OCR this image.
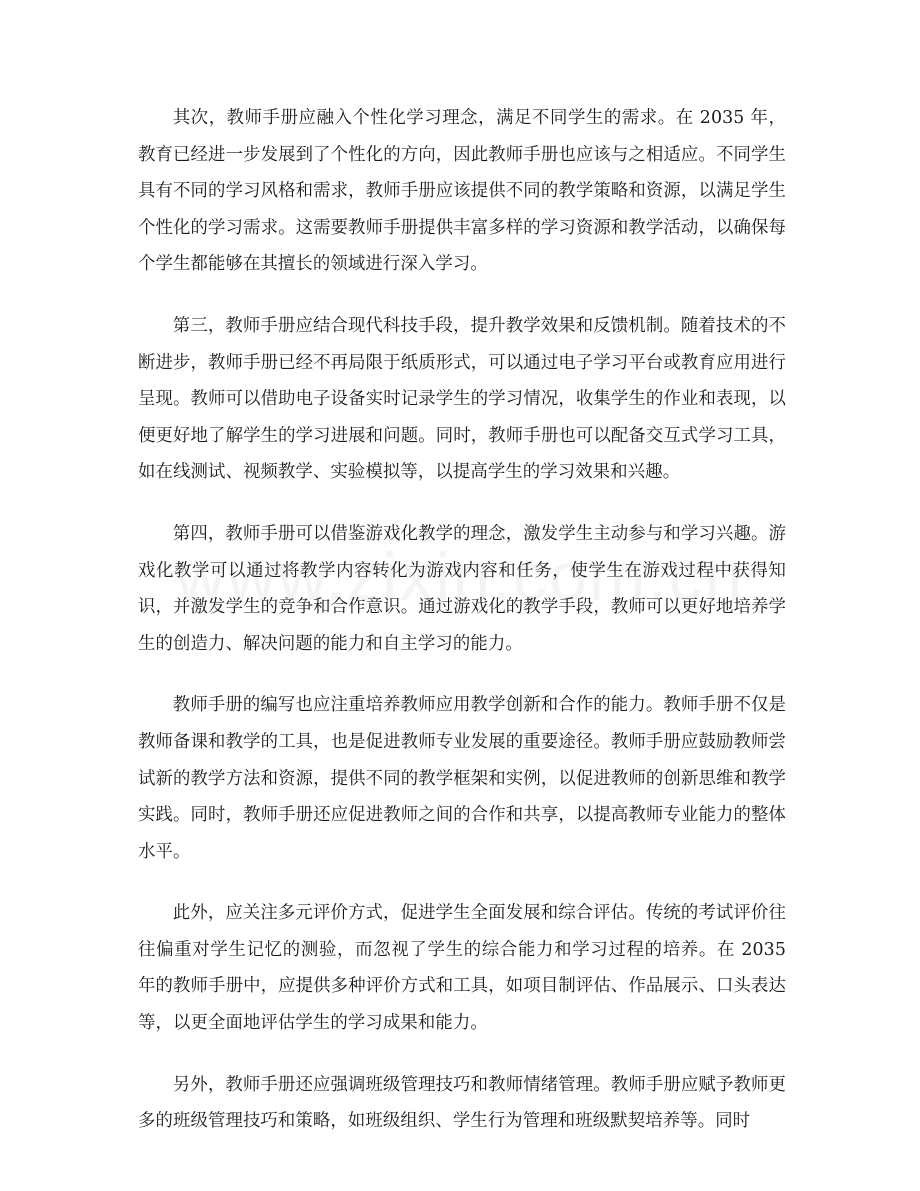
其次，教师手册应融入个性化学习理念，满足不同学生的需求。在 2035 年，教育已经进一步发展到了个性化的方向，因此教师手册也应该与之相适应。不同学生具有不同的学习风格和需求，教师手册应该提供不同的教学策略和资源，以满足学生个性化的学习需求。这需要教师手册提供丰富多样的学习资源和教学活动，以确保每个学生都能够在其擅长的领域进行深入学习。

第三，教师手册应结合现代科技手段，提升教学效果和反馈机制。随着技术的不断进步，教师手册已经不再局限于纸质形式，可以通过电子学习平台或教育应用进行呈现。教师可以借助电子设备实时记录学生的学习情况，收集学生的作业和表现，以便更好地了解学生的学习进展和问题。同时，教师手册也可以配备交互式学习工具，如在线测试、视频教学、实验模拟等，以提高学生的学习效果和兴趣。

第四，教师手册可以借鉴游戏化教学的理念，激发学生主动参与和学习兴趣。游戏化教学可以通过将教学内容转化为游戏内容和任务，使学生在游戏过程中获得知识，并激发学生的竞争和合作意识。通过游戏化的教学手段，教师可以更好地培养学生的创造力、解决问题的能力和自主学习的能力。

教师手册的编写也应注重培养教师应用教学创新和合作的能力。教师手册不仅是教师备课和教学的工具，也是促进教师专业发展的重要途径。教师手册应鼓励教师尝试新的教学方法和资源，提供不同的教学框架和实例，以促进教师的创新思维和教学实践。同时，教师手册还应促进教师之间的合作和共享，以提高教师专业能力的整体水平。

此外，应关注多元评价方式，促进学生全面发展和综合评估。传统的考试评价往往偏重对学生记忆的测验，而忽视了学生的综合能力和学习过程的培养。在 2035 年的教师手册中，应提供多种评价方式和工具，如项目制评估、作品展示、口头表达等，以更全面地评估学生的学习成果和能力。

另外，教师手册还应强调班级管理技巧和教师情绪管理。教师手册应赋予教师更多的班级管理技巧和策略，如班级组织、学生行为管理和班级默契培养等。同时
